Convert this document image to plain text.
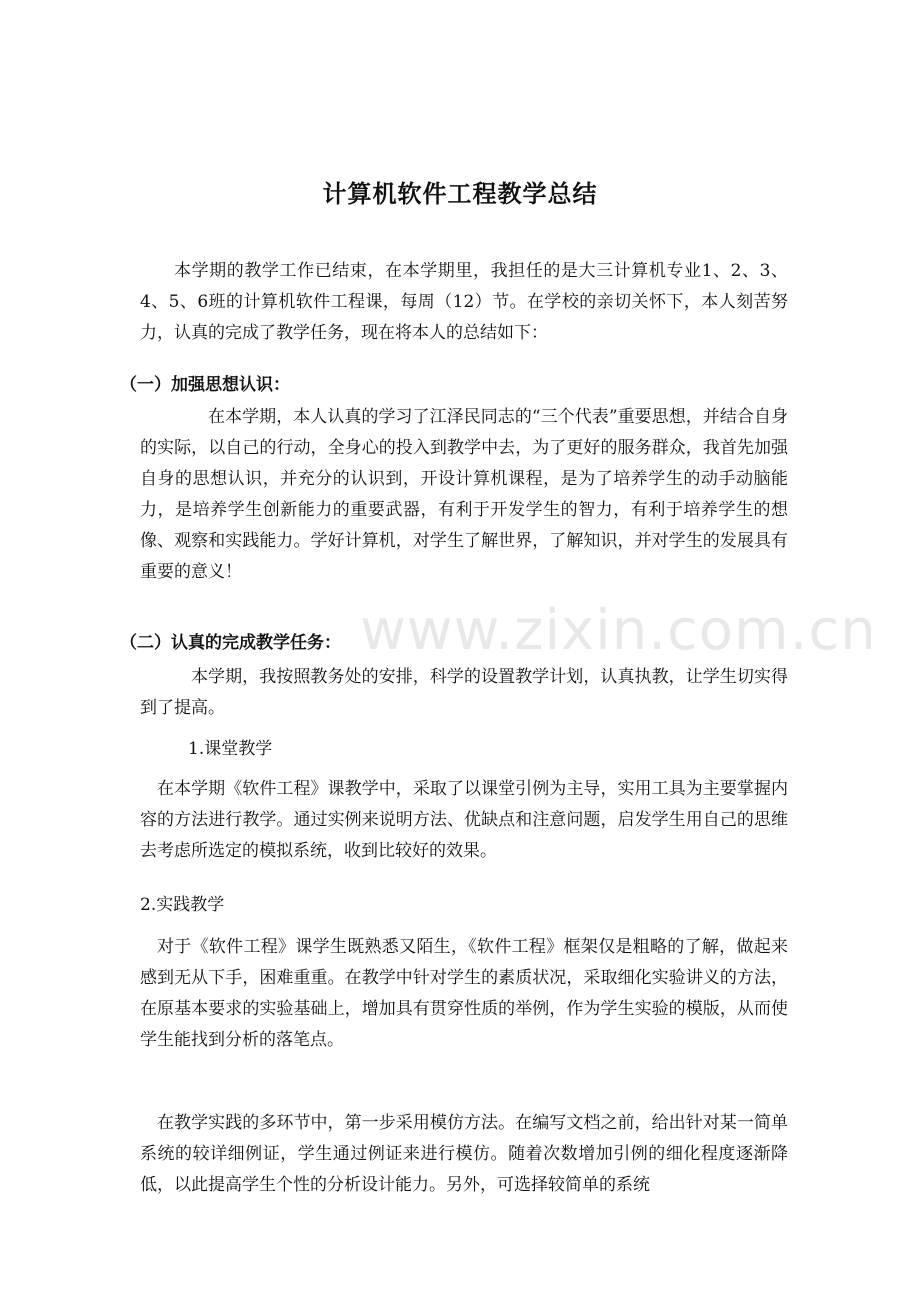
计算机软件工程教学总结

本学期的教学工作已结束，在本学期里，我担任的是大三计算机专业1、2、3、4、5、6班的计算机软件工程课，每周（12）节。在学校的亲切关怀下，本人刻苦努力，认真的完成了教学任务，现在将本人的总结如下：

（一）加强思想认识：

在本学期，本人认真的学习了江泽民同志的“三个代表”重要思想，并结合自身的实际，以自己的行动，全身心的投入到教学中去，为了更好的服务群众，我首先加强自身的思想认识，并充分的认识到，开设计算机课程，是为了培养学生的动手动脑能力，是培养学生创新能力的重要武器，有利于开发学生的智力，有利于培养学生的想像、观察和实践能力。学好计算机，对学生了解世界，了解知识，并对学生的发展具有重要的意义！

（二）认真的完成教学任务：

本学期，我按照教务处的安排，科学的设置教学计划，认真执教，让学生切实得到了提高。

1.课堂教学

在本学期《软件工程》课教学中，采取了以课堂引例为主导，实用工具为主要掌握内容的方法进行教学。通过实例来说明方法、优缺点和注意问题，启发学生用自己的思维去考虑所选定的模拟系统，收到比较好的效果。

2.实践教学

对于《软件工程》课学生既熟悉又陌生，《软件工程》框架仅是粗略的了解，做起来感到无从下手，困难重重。在教学中针对学生的素质状况，采取细化实验讲义的方法，在原基本要求的实验基础上，增加具有贯穿性质的举例，作为学生实验的模版，从而使学生能找到分析的落笔点。

在教学实践的多环节中，第一步采用模仿方法。在编写文档之前，给出针对某一简单系统的较详细例证，学生通过例证来进行模仿。随着次数增加引例的细化程度逐渐降低，以此提高学生个性的分析设计能力。另外，可选择较简单的系统

www.zixin.com.cn
